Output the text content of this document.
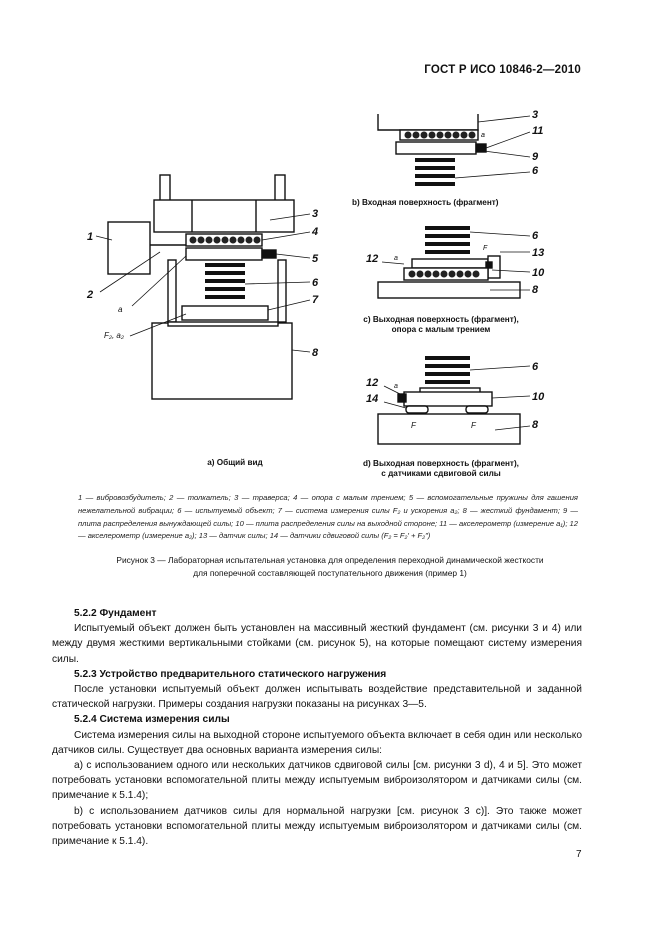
ГОСТ Р ИСО 10846-2—2010
1
2
3
4
5
6
7
8
a
F₂, a₂
3
11
9
6
a
6
13
10
8
12 a
F
6
10
8
12
14
a
F	F
а) Общий вид
b) Входная поверхность (фрагмент)
с) Выходная поверхность (фрагмент),
опора с малым трением
d) Выходная поверхность (фрагмент),
с датчиками сдвиговой силы
1 — вибровозбудитель; 2 — толкатель; 3 — траверса; 4 — опора с малым трением; 5 — вспомогательные пружины для гашения нежелательной вибрации; 6 — испытуемый объект; 7 — система измерения силы F₂ и ускорения a₂; 8 — жесткий фундамент; 9 — плита распределения вынуждающей силы; 10 — плита распределения силы на выходной стороне; 11 — акселерометр (измерение a₁); 12 — акселерометр (измерение a₂); 13 — датчик силы; 14 — датчики сдвиговой силы (F₂ = F₂′ + F₂″)
Рисунок 3 — Лабораторная испытательная установка для определения переходной динамической жесткости
для поперечной составляющей поступательного движения (пример 1)

5.2.2 Фундамент

Испытуемый объект должен быть установлен на массивный жесткий фундамент (см. рисунки 3 и 4) или между двумя жесткими вертикальными стойками (см. рисунок 5), на которые помещают систему измерения силы.

5.2.3 Устройство предварительного статического нагружения

После установки испытуемый объект должен испытывать воздействие представительной и заданной статической нагрузки. Примеры создания нагрузки показаны на рисунках 3—5.

5.2.4 Система измерения силы

Система измерения силы на выходной стороне испытуемого объекта включает в себя один или несколько датчиков силы. Существует два основных варианта измерения силы:

а) с использованием одного или нескольких датчиков сдвиговой силы [см. рисунки 3 d), 4 и 5]. Это может потребовать установки вспомогательной плиты между испытуемым виброизолятором и датчиками силы (см. примечание к 5.1.4);

b) с использованием датчиков силы для нормальной нагрузки [см. рисунок 3 с)]. Это также может потребовать установки вспомогательной плиты между испытуемым виброизолятором и датчиками силы (см. примечание к 5.1.4).

7
